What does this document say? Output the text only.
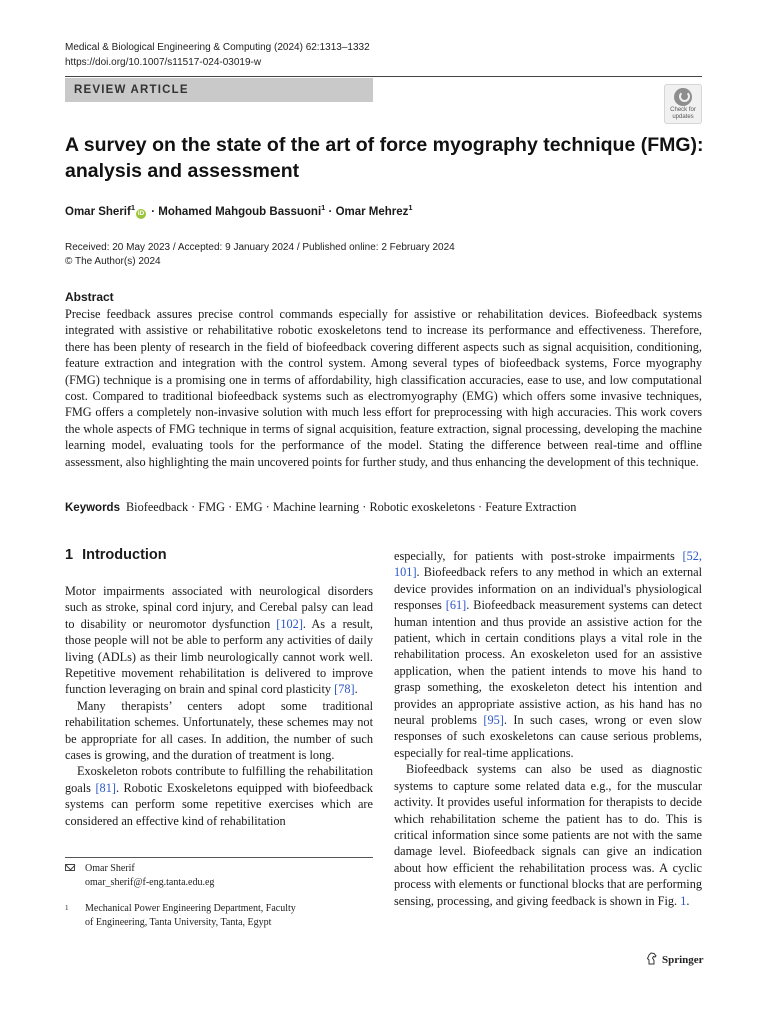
Medical & Biological Engineering & Computing (2024) 62:1313–1332
https://doi.org/10.1007/s11517-024-03019-w
REVIEW ARTICLE
Check for
updates
A survey on the state of the art of force myography technique (FMG): analysis and assessment
Omar Sherif$^1$iD · Mohamed Mahgoub Bassuoni$^1$ · Omar Mehrez$^1$
Received: 20 May 2023 / Accepted: 9 January 2024 / Published online: 2 February 2024
© The Author(s) 2024
Abstract
Precise feedback assures precise control commands especially for assistive or rehabilitation devices. Biofeedback systems integrated with assistive or rehabilitative robotic exoskeletons tend to increase its performance and effectiveness. Therefore, there has been plenty of research in the field of biofeedback covering different aspects such as signal acquisition, conditioning, feature extraction and integration with the control system. Among several types of biofeedback systems, Force myography (FMG) technique is a promising one in terms of affordability, high classification accuracies, ease to use, and low computational cost. Compared to traditional biofeedback systems such as electromyography (EMG) which offers some invasive techniques, FMG offers a completely non-invasive solution with much less effort for preprocessing with high accuracies. This work covers the whole aspects of FMG technique in terms of signal acquisition, feature extraction, signal processing, developing the machine learning model, evaluating tools for the performance of the model. Stating the difference between real-time and offline assessment, also highlighting the main uncovered points for further study, and thus enhancing the development of this technique.
Keywords Biofeedback · FMG · EMG · Machine learning · Robotic exoskeletons · Feature Extraction
1 Introduction

Motor impairments associated with neurological disorders such as stroke, spinal cord injury, and Cerebal palsy can lead to disability or neuromotor dysfunction [102]. As a result, those people will not be able to perform any activities of daily living (ADLs) as their limb neurologically cannot work well. Repetitive movement rehabilitation is delivered to improve function leveraging on brain and spinal cord plasticity [78].

Many therapists’ centers adopt some traditional rehabilitation schemes. Unfortunately, these schemes may not be appropriate for all cases. In addition, the number of such cases is growing, and the duration of treatment is long.

Exoskeleton robots contribute to fulfilling the rehabilitation goals [81]. Robotic Exoskeletons equipped with biofeedback systems can perform some repetitive exercises which are considered an effective kind of rehabilitation

especially, for patients with post-stroke impairments [52, 101]. Biofeedback refers to any method in which an external device provides information on an individual's physiological responses [61]. Biofeedback measurement systems can detect human intention and thus provide an assistive action for the patient, which in certain conditions plays a vital role in the rehabilitation process. An exoskeleton used for an assistive application, when the patient intends to move his hand to grasp something, the exoskeleton detect his intention and provides an appropriate assistive action, as his hand has no neural problems [95]. In such cases, wrong or even slow responses of such exoskeletons can cause serious problems, especially for real-time applications.

Biofeedback systems can also be used as diagnostic systems to capture some related data e.g., for the muscular activity. It provides useful information for therapists to decide which rehabilitation scheme the patient has to do. This is critical information since some patients are not with the same damage level. Biofeedback signals can give an indication about how efficient the rehabilitation process was. A cyclic process with elements or functional blocks that are performing sensing, processing, and giving feedback is shown in Fig. 1.

Omar Sherif
omar_sherif@f-eng.tanta.edu.eg
1 Mechanical Power Engineering Department, Faculty
of Engineering, Tanta University, Tanta, Egypt
Springer
